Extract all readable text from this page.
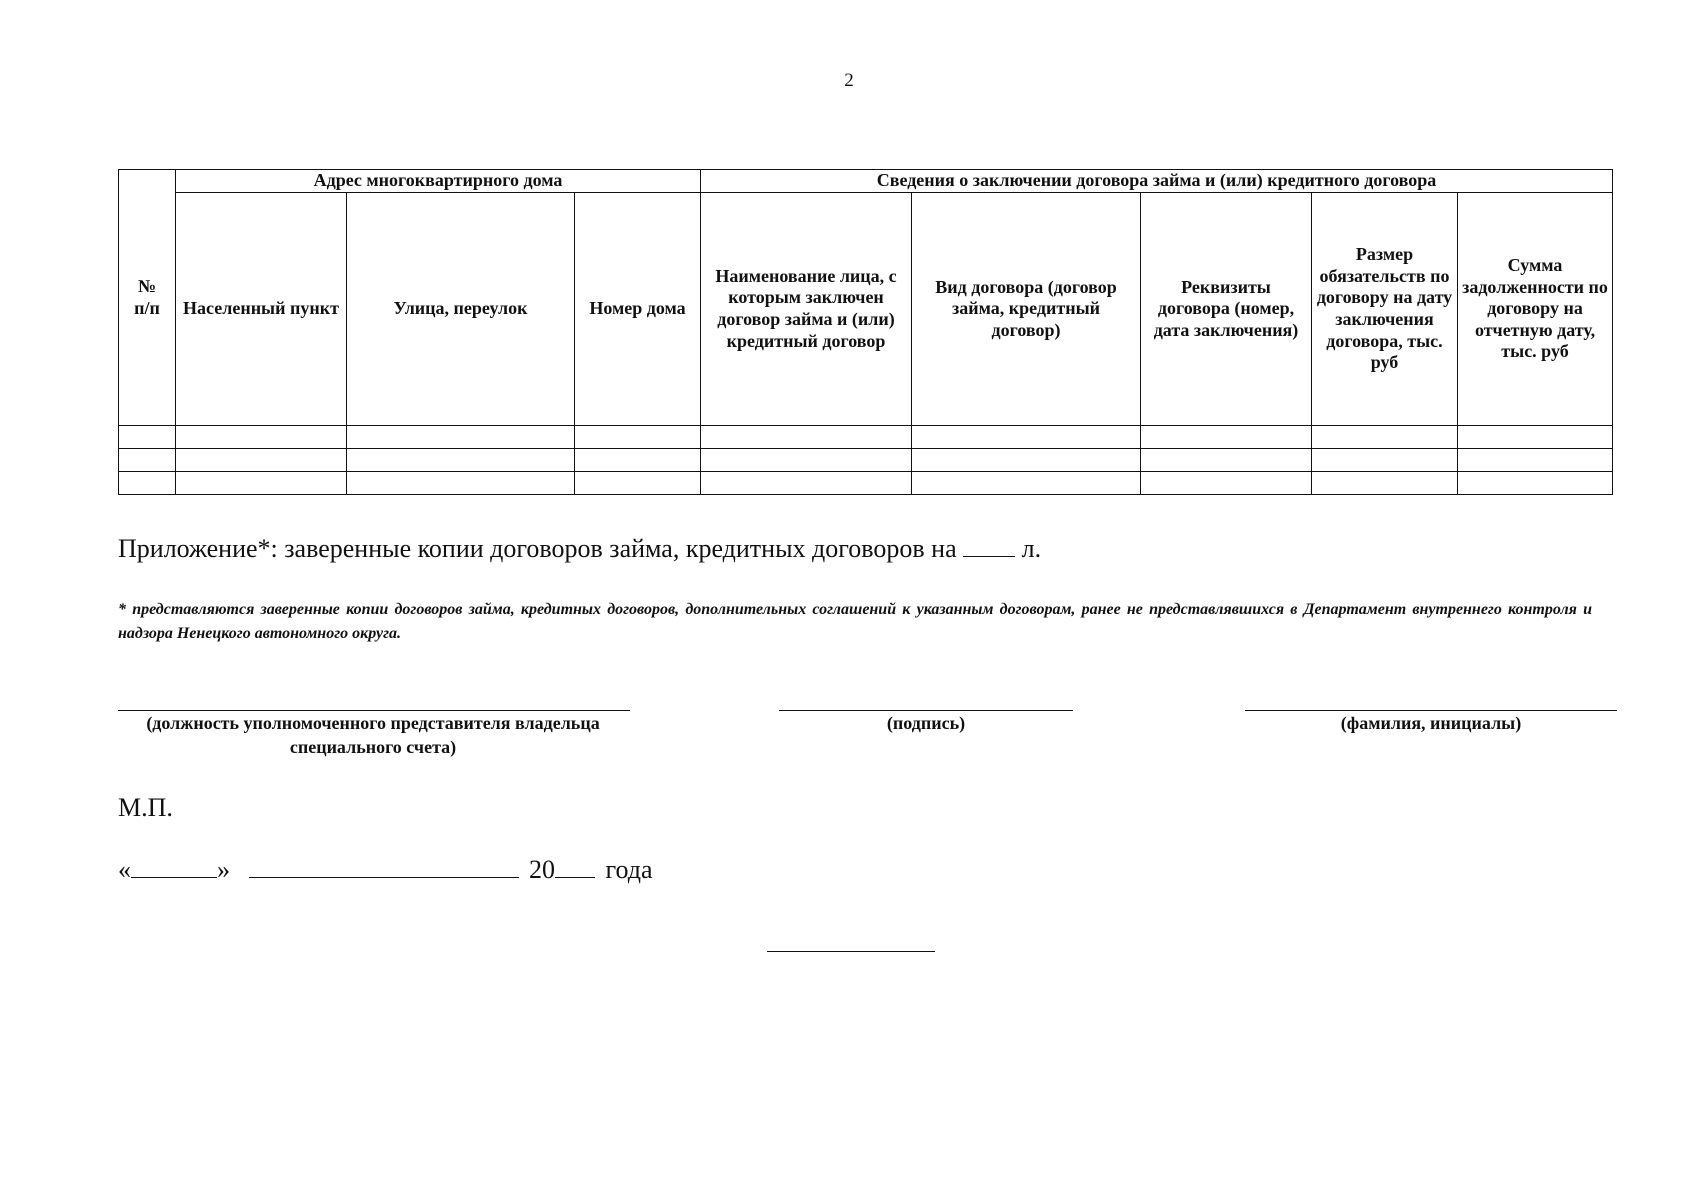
2
№
п/п	Адрес многоквартирного дома			Сведения о заключении договора займа и (или) кредитного договора				
	Населенный пункт	Улица, переулок	Номер дома	Наименование лица, с которым заключен договор займа и (или) кредитный договор	Вид договора (договор займа, кредитный договор)	Реквизиты договора (номер, дата заключения)	Размер обязательств по договору на дату заключения договора, тыс. руб	Сумма задолженности по договору на отчетную дату, тыс. руб

Приложение*: заверенные копии договоров займа, кредитных договоров на	л.
* представляются заверенные копии договоров займа, кредитных договоров, дополнительных соглашений к указанным договорам, ранее не представлявшихся в Департамент внутреннего контроля и надзора Ненецкого автономного округа.
(должность уполномоченного представителя владельца специального счета)
(подпись)	(фамилия, инициалы)
М.П.
«	»	20 года
